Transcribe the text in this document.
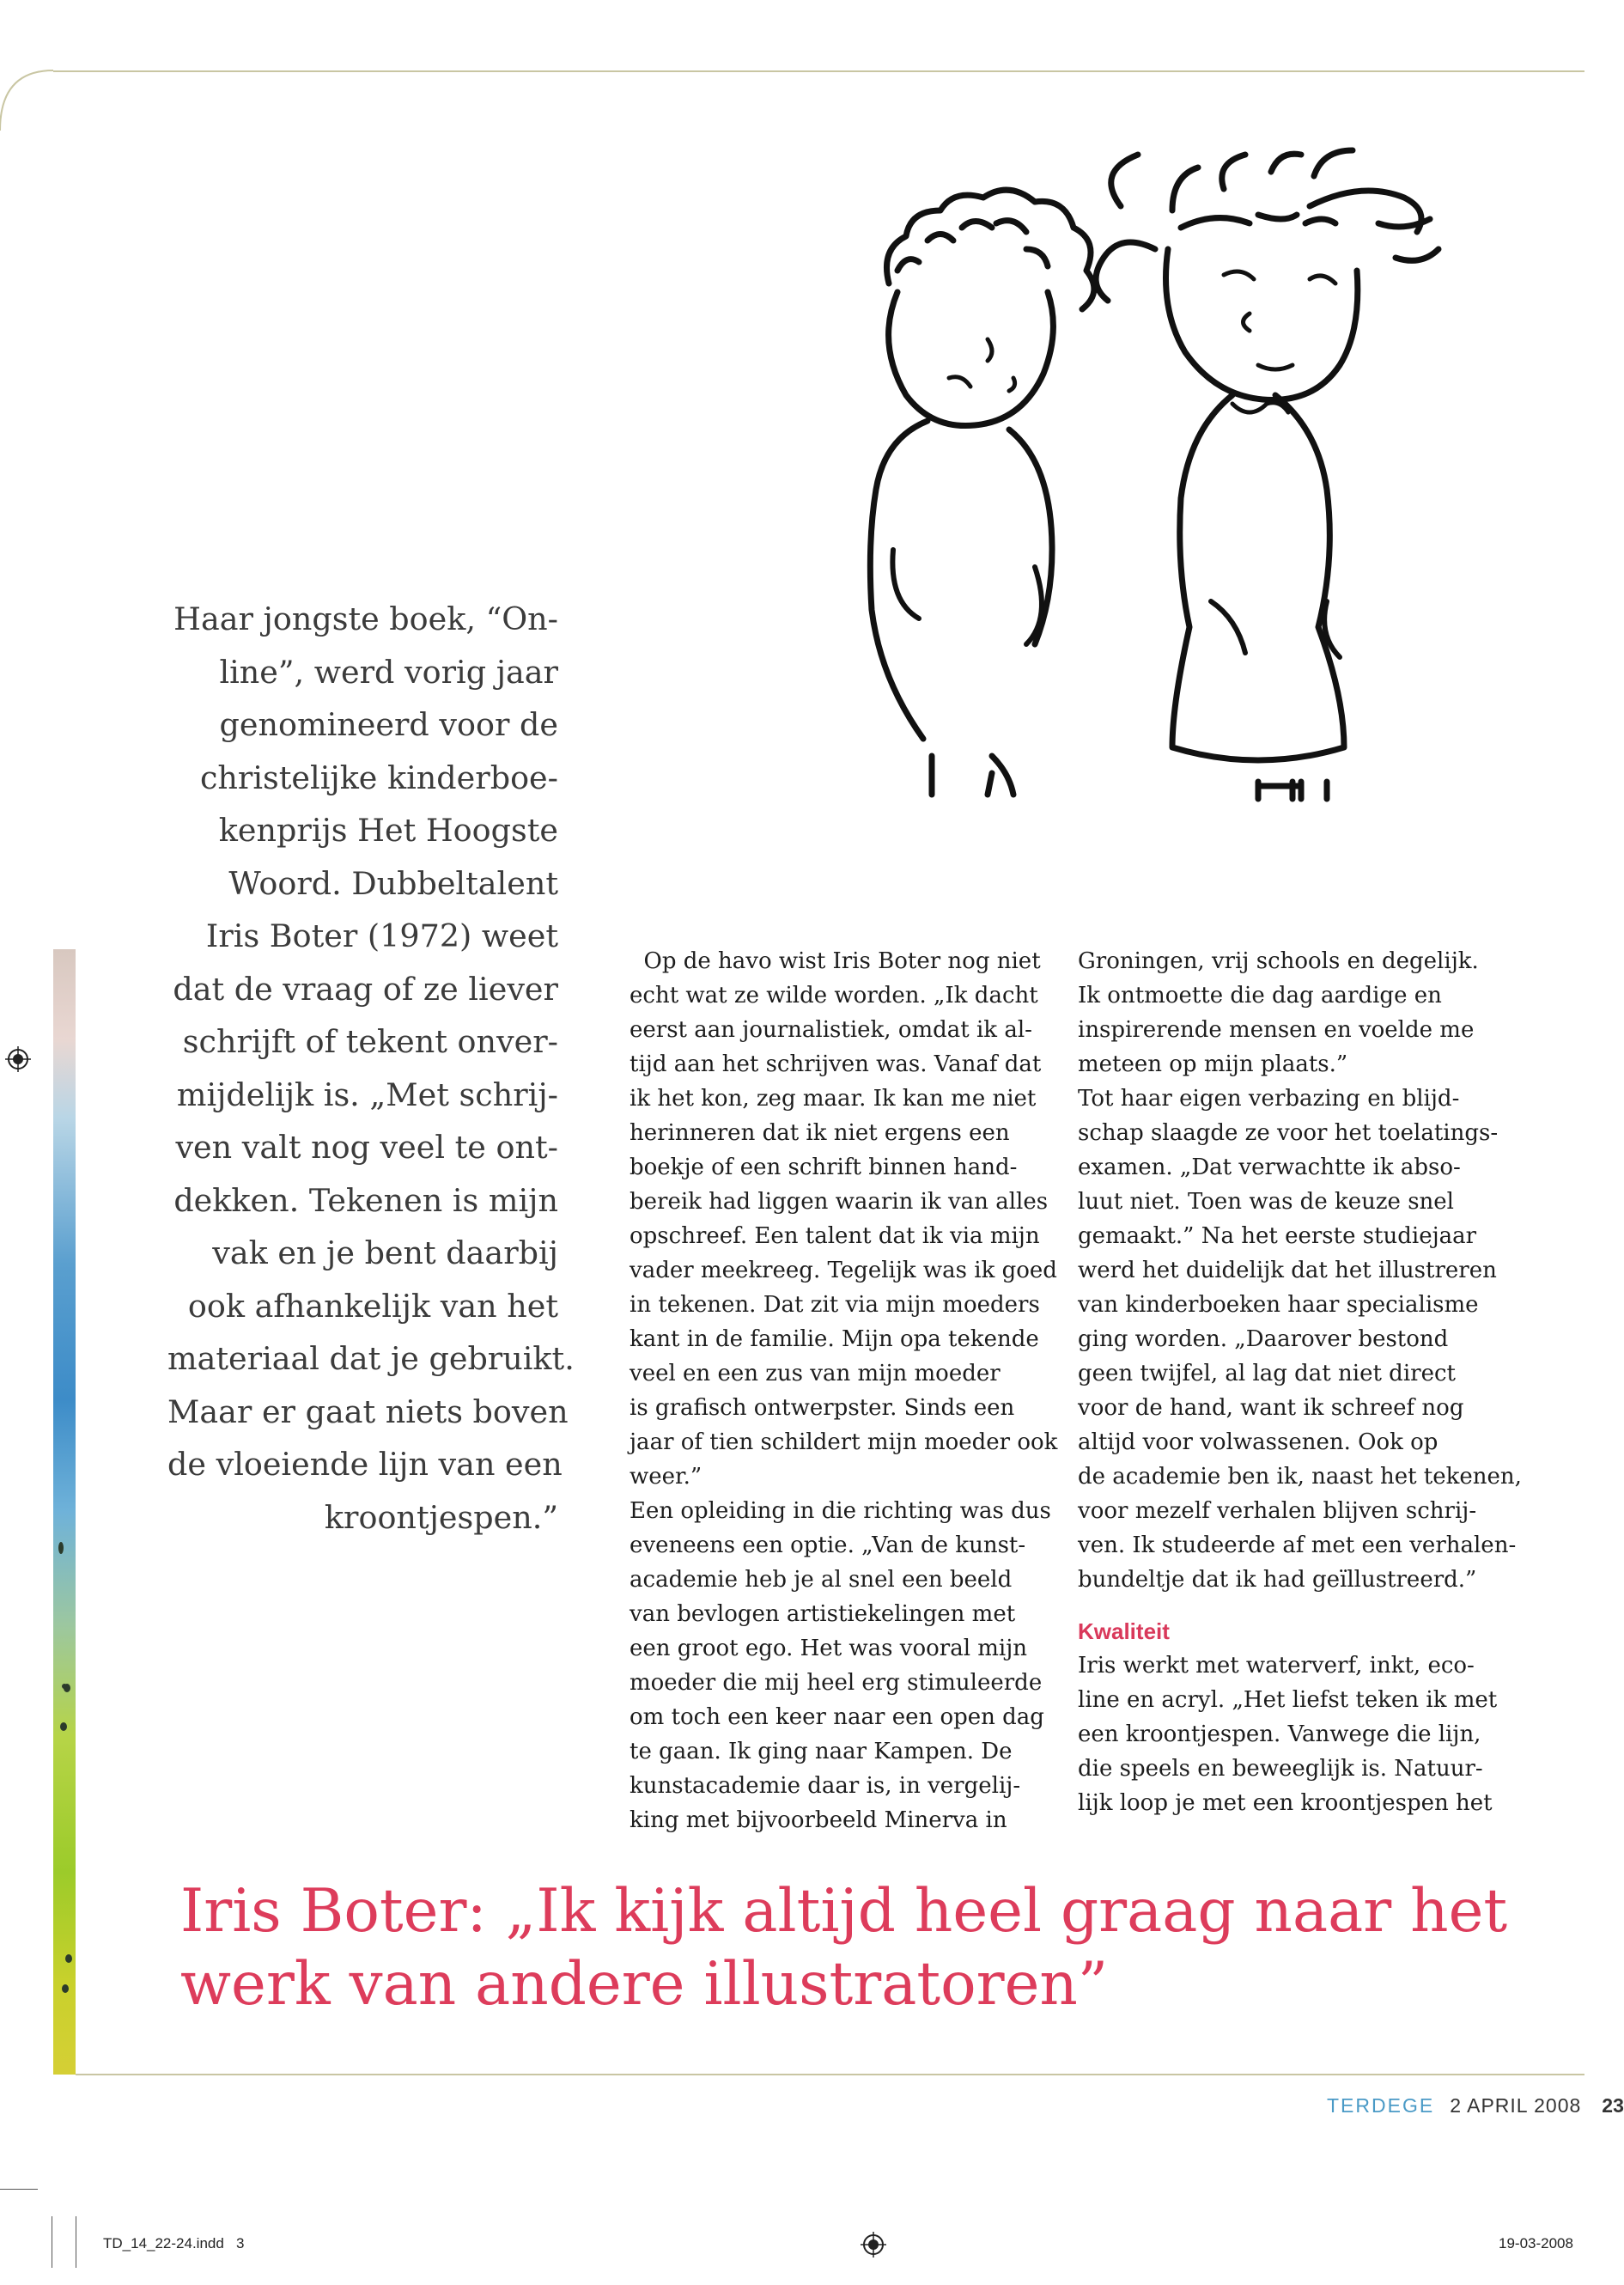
Haar jongste boek, “On-
line”, werd vorig jaar
genomineerd voor de
christelijke kinderboe-
kenprijs Het Hoogste
Woord. Dubbeltalent
Iris Boter (1972) weet
dat de vraag of ze liever
schrijft of tekent onver-
mijdelijk is. „Met schrij-
ven valt nog veel te ont-
dekken. Tekenen is mijn
vak en je bent daarbij
ook afhankelijk van het
materiaal dat je gebruikt.
Maar er gaat niets boven
de vloeiende lijn van een
kroontjespen.”
Op de havo wist Iris Boter nog niet
echt wat ze wilde worden. „Ik dacht
eerst aan journalistiek, omdat ik al-
tijd aan het schrijven was. Vanaf dat
ik het kon, zeg maar. Ik kan me niet
herinneren dat ik niet ergens een
boekje of een schrift binnen hand-
bereik had liggen waarin ik van alles
opschreef. Een talent dat ik via mijn
vader meekreeg. Tegelijk was ik goed
in tekenen. Dat zit via mijn moeders
kant in de familie. Mijn opa tekende
veel en een zus van mijn moeder
is grafisch ontwerpster. Sinds een
jaar of tien schildert mijn moeder ook
weer.”
Een opleiding in die richting was dus
eveneens een optie. „Van de kunst-
academie heb je al snel een beeld
van bevlogen artistiekelingen met
een groot ego. Het was vooral mijn
moeder die mij heel erg stimuleerde
om toch een keer naar een open dag
te gaan. Ik ging naar Kampen. De
kunstacademie daar is, in vergelij-
king met bijvoorbeeld Minerva in
Groningen, vrij schools en degelijk.
Ik ontmoette die dag aardige en
inspirerende mensen en voelde me
meteen op mijn plaats.”
Tot haar eigen verbazing en blijd-
schap slaagde ze voor het toelatings-
examen. „Dat verwachtte ik abso-
luut niet. Toen was de keuze snel
gemaakt.” Na het eerste studiejaar
werd het duidelijk dat het illustreren
van kinderboeken haar specialisme
ging worden. „Daarover bestond
geen twijfel, al lag dat niet direct
voor de hand, want ik schreef nog
altijd voor volwassenen. Ook op
de academie ben ik, naast het tekenen,
voor mezelf verhalen blijven schrij-
ven. Ik studeerde af met een verhalen-
bundeltje dat ik had geïllustreerd.”
Kwaliteit
Iris werkt met waterverf, inkt, eco-
line en acryl. „Het liefst teken ik met
een kroontjespen. Vanwege die lijn,
die speels en beweeglijk is. Natuur-
lijk loop je met een kroontjespen het
Iris Boter: „Ik kijk altijd heel graag naar het
werk van andere illustratoren”
TERDEGE 2 APRIL 2008 23
TD_14_22-24.indd   3	19-03-2008
